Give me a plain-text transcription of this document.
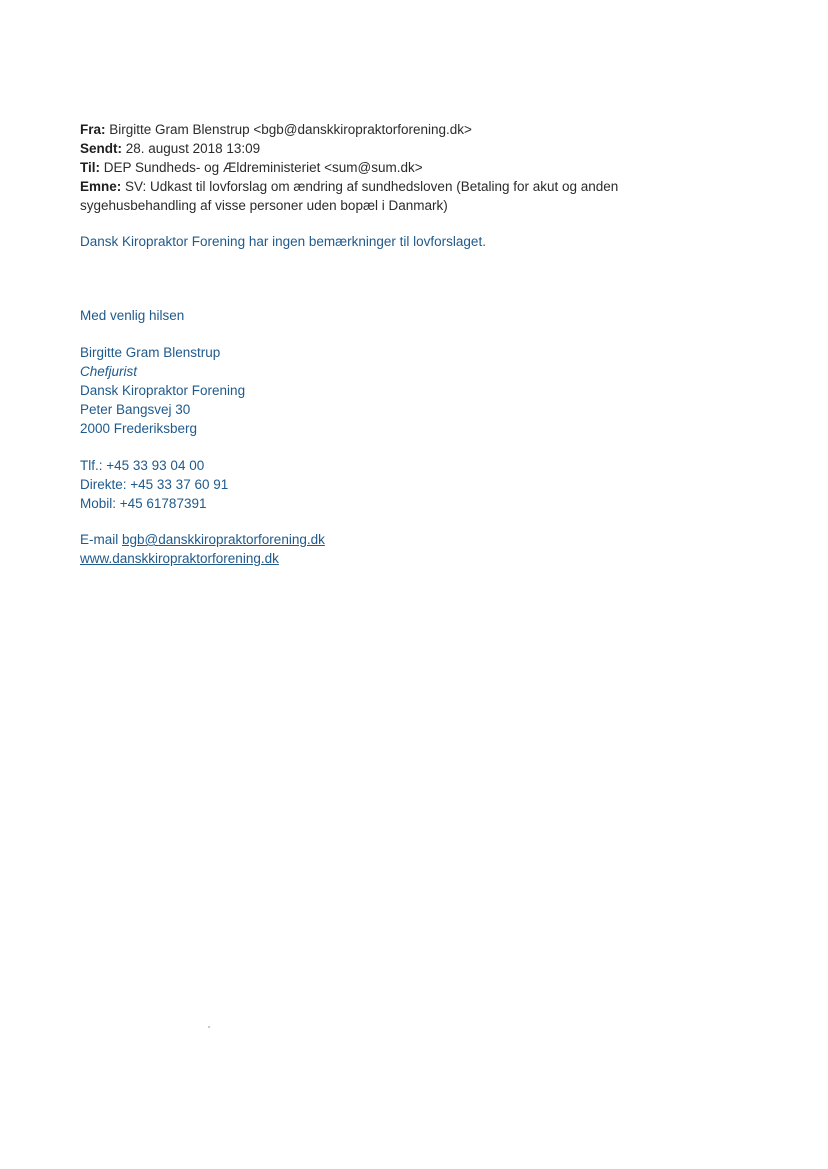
Fra: Birgitte Gram Blenstrup <bgb@danskkiropraktorforening.dk>
Sendt: 28. august 2018 13:09
Til: DEP Sundheds- og Ældreministeriet <sum@sum.dk>
Emne: SV: Udkast til lovforslag om ændring af sundhedsloven (Betaling for akut og anden sygehusbehandling af visse personer uden bopæl i Danmark)
Dansk Kiropraktor Forening har ingen bemærkninger til lovforslaget.
Med venlig hilsen
Birgitte Gram Blenstrup
Chefjurist
Dansk Kiropraktor Forening
Peter Bangsvej 30
2000 Frederiksberg
Tlf.: +45 33 93 04 00
Direkte: +45 33 37 60 91
Mobil: +45 61787391
E-mail bgb@danskkiropraktorforening.dk
www.danskkiropraktorforening.dk
